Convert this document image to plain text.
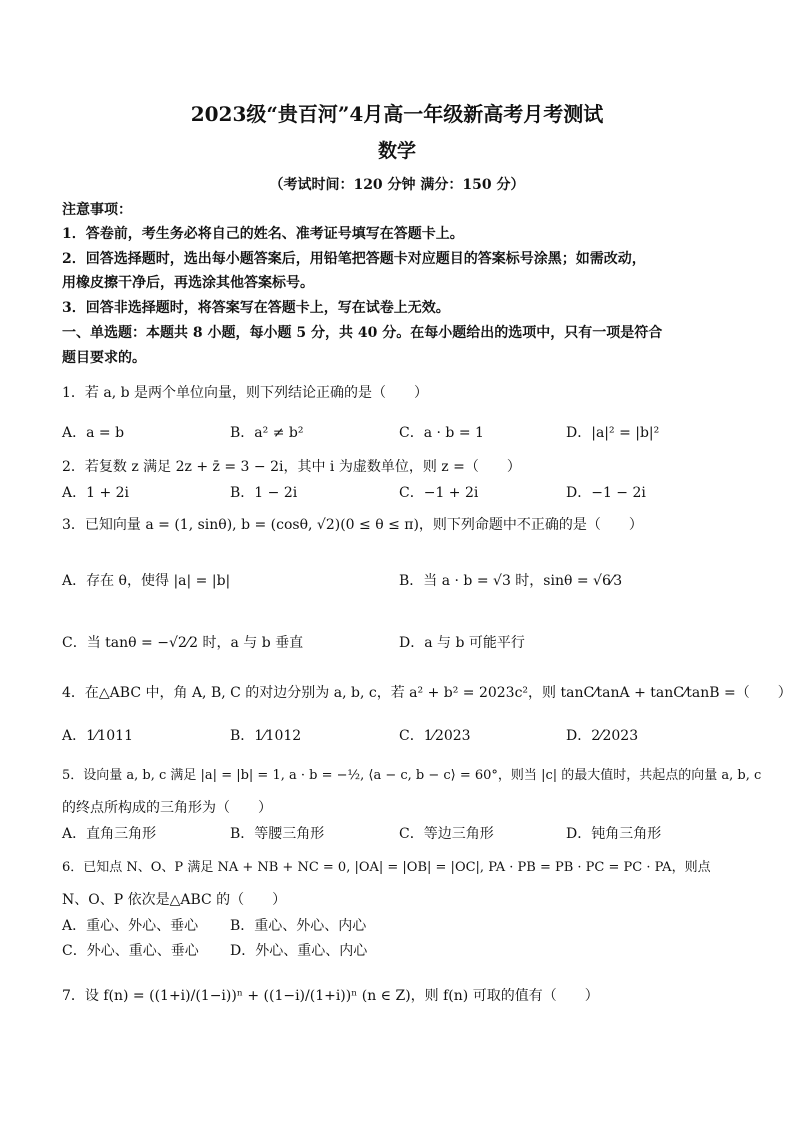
2023级“贵百河”4月高一年级新高考月考测试
数学
（考试时间：120 分钟 满分：150 分）
注意事项：
1．答卷前，考生务必将自己的姓名、准考证号填写在答题卡上。
2．回答选择题时，选出每小题答案后，用铅笔把答题卡对应题目的答案标号涂黑；如需改动，
用橡皮擦干净后，再选涂其他答案标号。
3．回答非选择题时，将答案写在答题卡上，写在试卷上无效。
一、单选题：本题共 8 小题，每小题 5 分，共 40 分。在每小题给出的选项中，只有一项是符合
题目要求的。
1．若 a, b 是两个单位向量，则下列结论正确的是（　　）
A．a = b	B．a² ≠ b²	C．a · b = 1	D．|a|² = |b|²
2．若复数 z 满足 2z + z̄ = 3 − 2i，其中 i 为虚数单位，则 z =（　　）
A．1 + 2i	B．1 − 2i	C．−1 + 2i	D．−1 − 2i
3．已知向量 a = (1, sinθ), b = (cosθ, √2)(0 ≤ θ ≤ π)，则下列命题中不正确的是（　　）
A．存在 θ，使得 |a| = |b|	B．当 a · b = √3 时，sinθ = √6⁄3
C．当 tanθ = −√2⁄2 时，a 与 b 垂直	D．a 与 b 可能平行
4．在△ABC 中，角 A, B, C 的对边分别为 a, b, c，若 a² + b² = 2023c²，则 tanC⁄tanA + tanC⁄tanB =（　　）
A．1⁄1011	B．1⁄1012	C．1⁄2023	D．2⁄2023
5．设向量 a, b, c 满足 |a| = |b| = 1, a · b = −½, ⟨a − c, b − c⟩ = 60°，则当 |c| 的最大值时，共起点的向量 a, b, c
的终点所构成的三角形为（　　）
A．直角三角形	B．等腰三角形	C．等边三角形	D．钝角三角形
6．已知点 N、O、P 满足 NA + NB + NC = 0, |OA| = |OB| = |OC|, PA · PB = PB · PC = PC · PA，则点
N、O、P 依次是△ABC 的（　　）
A．重心、外心、垂心 B．重心、外心、内心
C．外心、重心、垂心 D．外心、重心、内心
7．设 f(n) = ((1+i)/(1−i))ⁿ + ((1−i)/(1+i))ⁿ (n ∈ Z)，则 f(n) 可取的值有（　　）
